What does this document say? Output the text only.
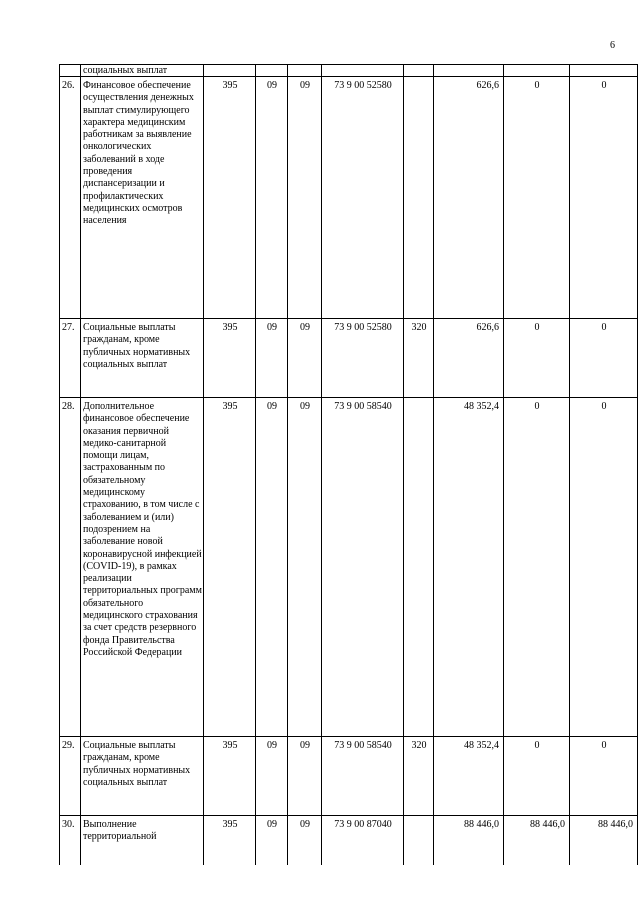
6
	социальных выплат								
26.	Финансовое обеспечение осуществления денежных выплат стимулирующего характера медицинским работникам за выявление онкологических заболеваний в ходе проведения диспансеризации и профилактических медицинских осмотров населения	395	09	09	73 9 00 52580		626,6	0	0
27.	Социальные выплаты гражданам, кроме публичных нормативных социальных выплат	395	09	09	73 9 00 52580	320	626,6	0	0
28.	Дополнительное финансовое обеспечение оказания первичной медико-санитарной помощи лицам, застрахованным по обязательному медицинскому страхованию, в том числе с заболеванием и (или) подозрением на заболевание новой коронавирусной инфекцией (COVID-19), в рамках реализации территориальных программ обязательного медицинского страхования за счет средств резервного фонда Правительства Российской Федерации	395	09	09	73 9 00 58540		48 352,4	0	0
29.	Социальные выплаты гражданам, кроме публичных нормативных социальных выплат	395	09	09	73 9 00 58540	320	48 352,4	0	0
30.	Выполнение территориальной	395	09	09	73 9 00 87040		88 446,0	88 446,0	88 446,0
